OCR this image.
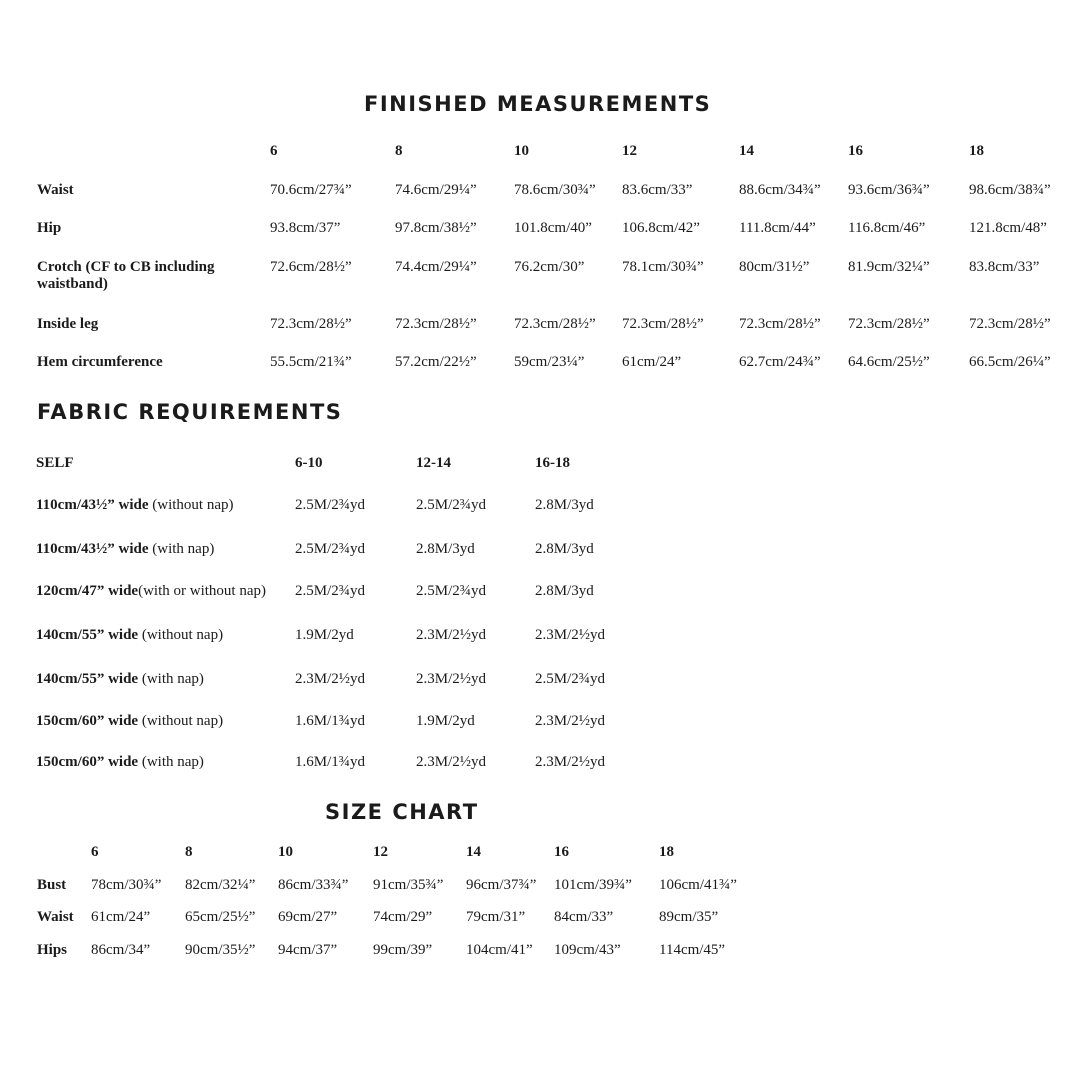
FINISHED MEASUREMENTS
6	8	10	12	14	16	18
Waist	70.6cm/27¾”	74.6cm/29¼” 78.6cm/30¾” 83.6cm/33”	88.6cm/34¾” 93.6cm/36¾”	98.6cm/38¾”
Hip	93.8cm/37”	97.8cm/38½” 101.8cm/40” 106.8cm/42”	111.8cm/44” 116.8cm/46”	121.8cm/48”
Crotch (CF to CB including waistband)
72.6cm/28½”	74.4cm/29¼” 76.2cm/30”	78.1cm/30¾” 80cm/31½”	81.9cm/32¼”	83.8cm/33”
Inside leg	72.3cm/28½”	72.3cm/28½” 72.3cm/28½” 72.3cm/28½” 72.3cm/28½” 72.3cm/28½”	72.3cm/28½”
Hem circumference	55.5cm/21¾”	57.2cm/22½” 59cm/23¼”	61cm/24”	62.7cm/24¾” 64.6cm/25½”	66.5cm/26¼”
FABRIC REQUIREMENTS
SELF	6-10	12-14	16-18
110cm/43½” wide (without nap)	2.5M/2¾yd	2.5M/2¾yd	2.8M/3yd
110cm/43½” wide (with nap)	2.5M/2¾yd	2.8M/3yd	2.8M/3yd
120cm/47” wide(with or without nap) 2.5M/2¾yd	2.5M/2¾yd	2.8M/3yd
140cm/55” wide (without nap)	1.9M/2yd	2.3M/2½yd	2.3M/2½yd
140cm/55” wide (with nap)	2.3M/2½yd	2.3M/2½yd	2.5M/2¾yd
150cm/60” wide (without nap)	1.6M/1¾yd	1.9M/2yd	2.3M/2½yd
150cm/60” wide (with nap)	1.6M/1¾yd	2.3M/2½yd	2.3M/2½yd
SIZE CHART
6	8	10	12	14	16	18
Bust 78cm/30¾” 82cm/32¼” 86cm/33¾” 91cm/35¾” 96cm/37¾” 101cm/39¾” 106cm/41¾”
Waist 61cm/24” 65cm/25½” 69cm/27” 74cm/29” 79cm/31” 84cm/33”	89cm/35”
Hips 86cm/34” 90cm/35½” 94cm/37” 99cm/39” 104cm/41” 109cm/43”	114cm/45”
